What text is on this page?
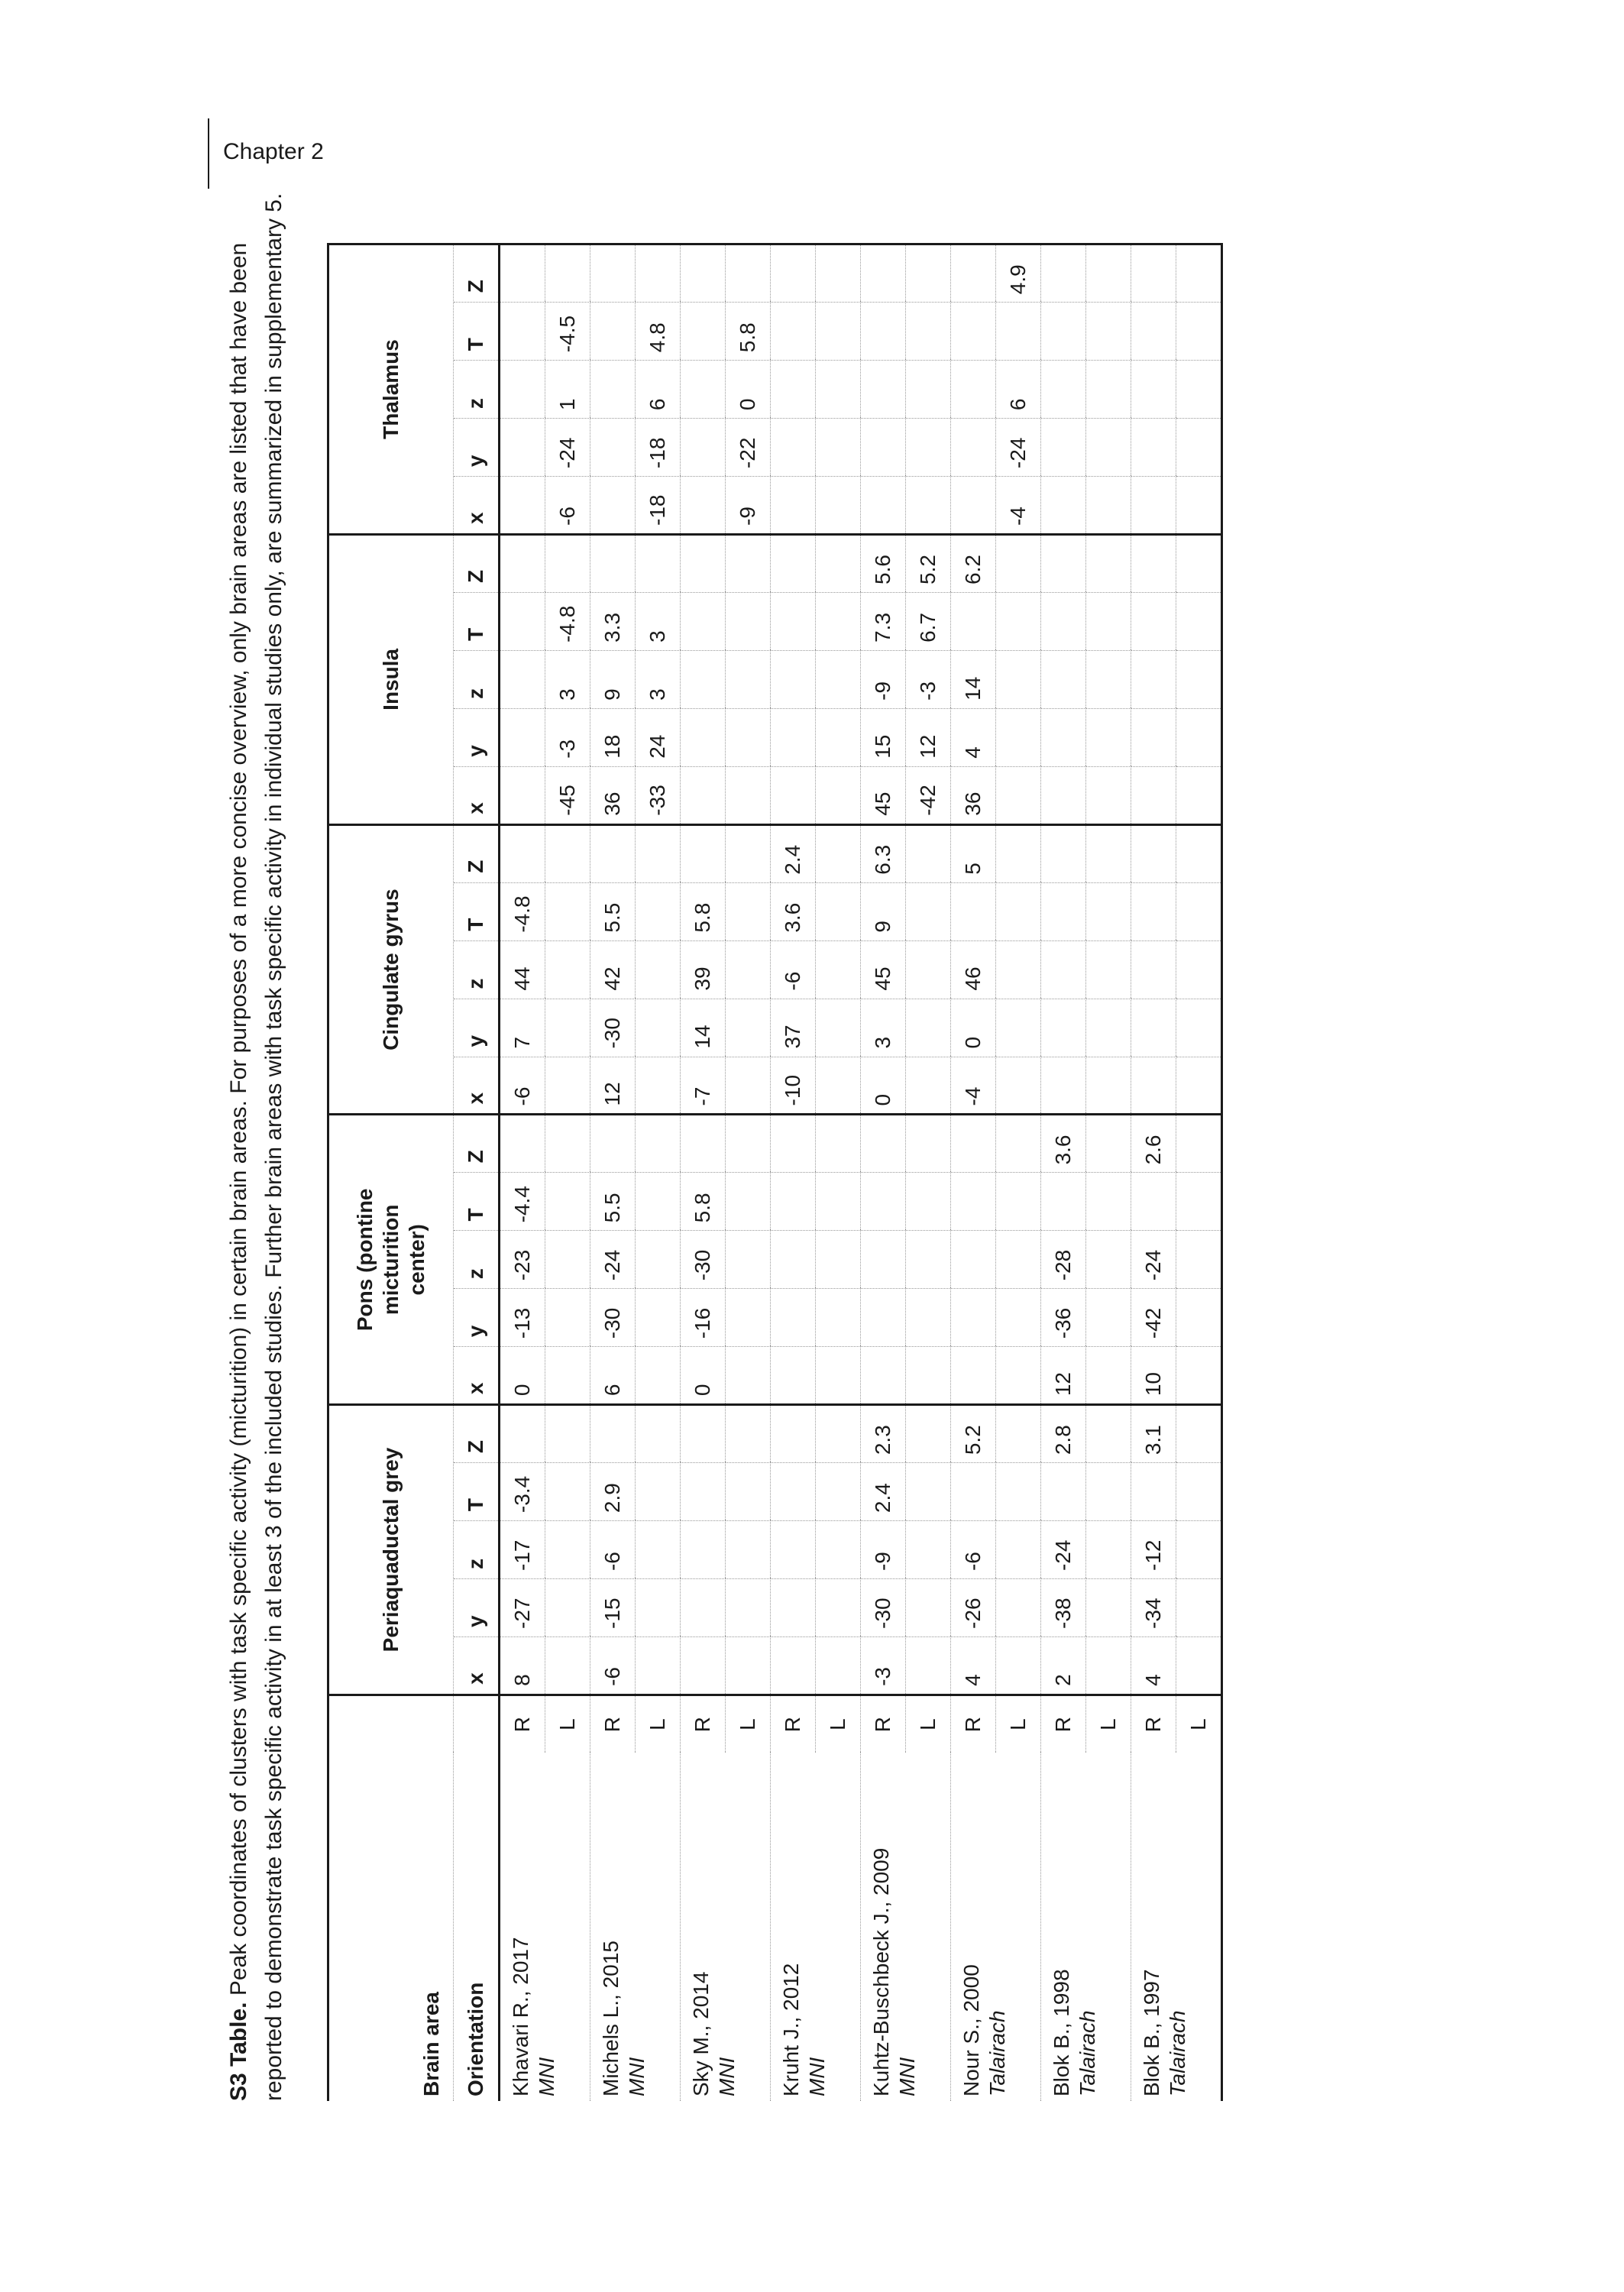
Chapter 2
S3 Table. Peak coordinates of clusters with task specific activity (micturition) in certain brain areas. For purposes of a more concise overview, only brain areas are listed that have been reported to demonstrate task specific activity in at least 3 of the included studies. Further brain areas with task specific activity in individual studies only, are summarized in supplementary 5.	Brain area		Periaquaductal grey					Pons (pontine micturition center)					Cingulate gyrus					Insula					Thalamus				
Orientation		x	y	z	T	Z	x	y	z	T	Z	x	y	z	T	Z	x	y	z	T	Z	x	y	z	T	Z
Khavari R., 2017 MNI	R	8	-27	-17	-3.4		0	-13	-23	-4.4		-6	7	44	-4.8											
	L																-45	-3	3	-4.8		-6	-24	1	-4.5	
Michels L., 2015 MNI	R	-6	-15	-6	2.9		6	-30	-24	5.5		12	-30	42	5.5		36	18	9	3.3						
	L																-33	24	3	3		-18	-18	6	4.8	
Sky M., 2014 MNI	R						0	-16	-30	5.8		-7	14	39	5.8											
	L																					-9	-22	0	5.8	
Kruht J., 2012 MNI	R											-10	37	-6	3.6	2.4										
	L																									
Kuhtz-Buschbeck J., 2009 MNI	R	-3	-30	-9	2.4	2.3						0	3	45	9	6.3	45	15	-9	7.3	5.6					
	L																-42	12	-3	6.7	5.2					
Nour S., 2000 Talairach	R	4	-26	-6		5.2						-4	0	46		5	36	4	14		6.2					
	L																					-4	-24	6		4.9
Blok B., 1998 Talairach	R	2	-38	-24		2.8	12	-36	-28		3.6															
	L																									
Blok B., 1997 Talairach	R	4	-34	-12		3.1	10	-42	-24		2.6															
	L																									
